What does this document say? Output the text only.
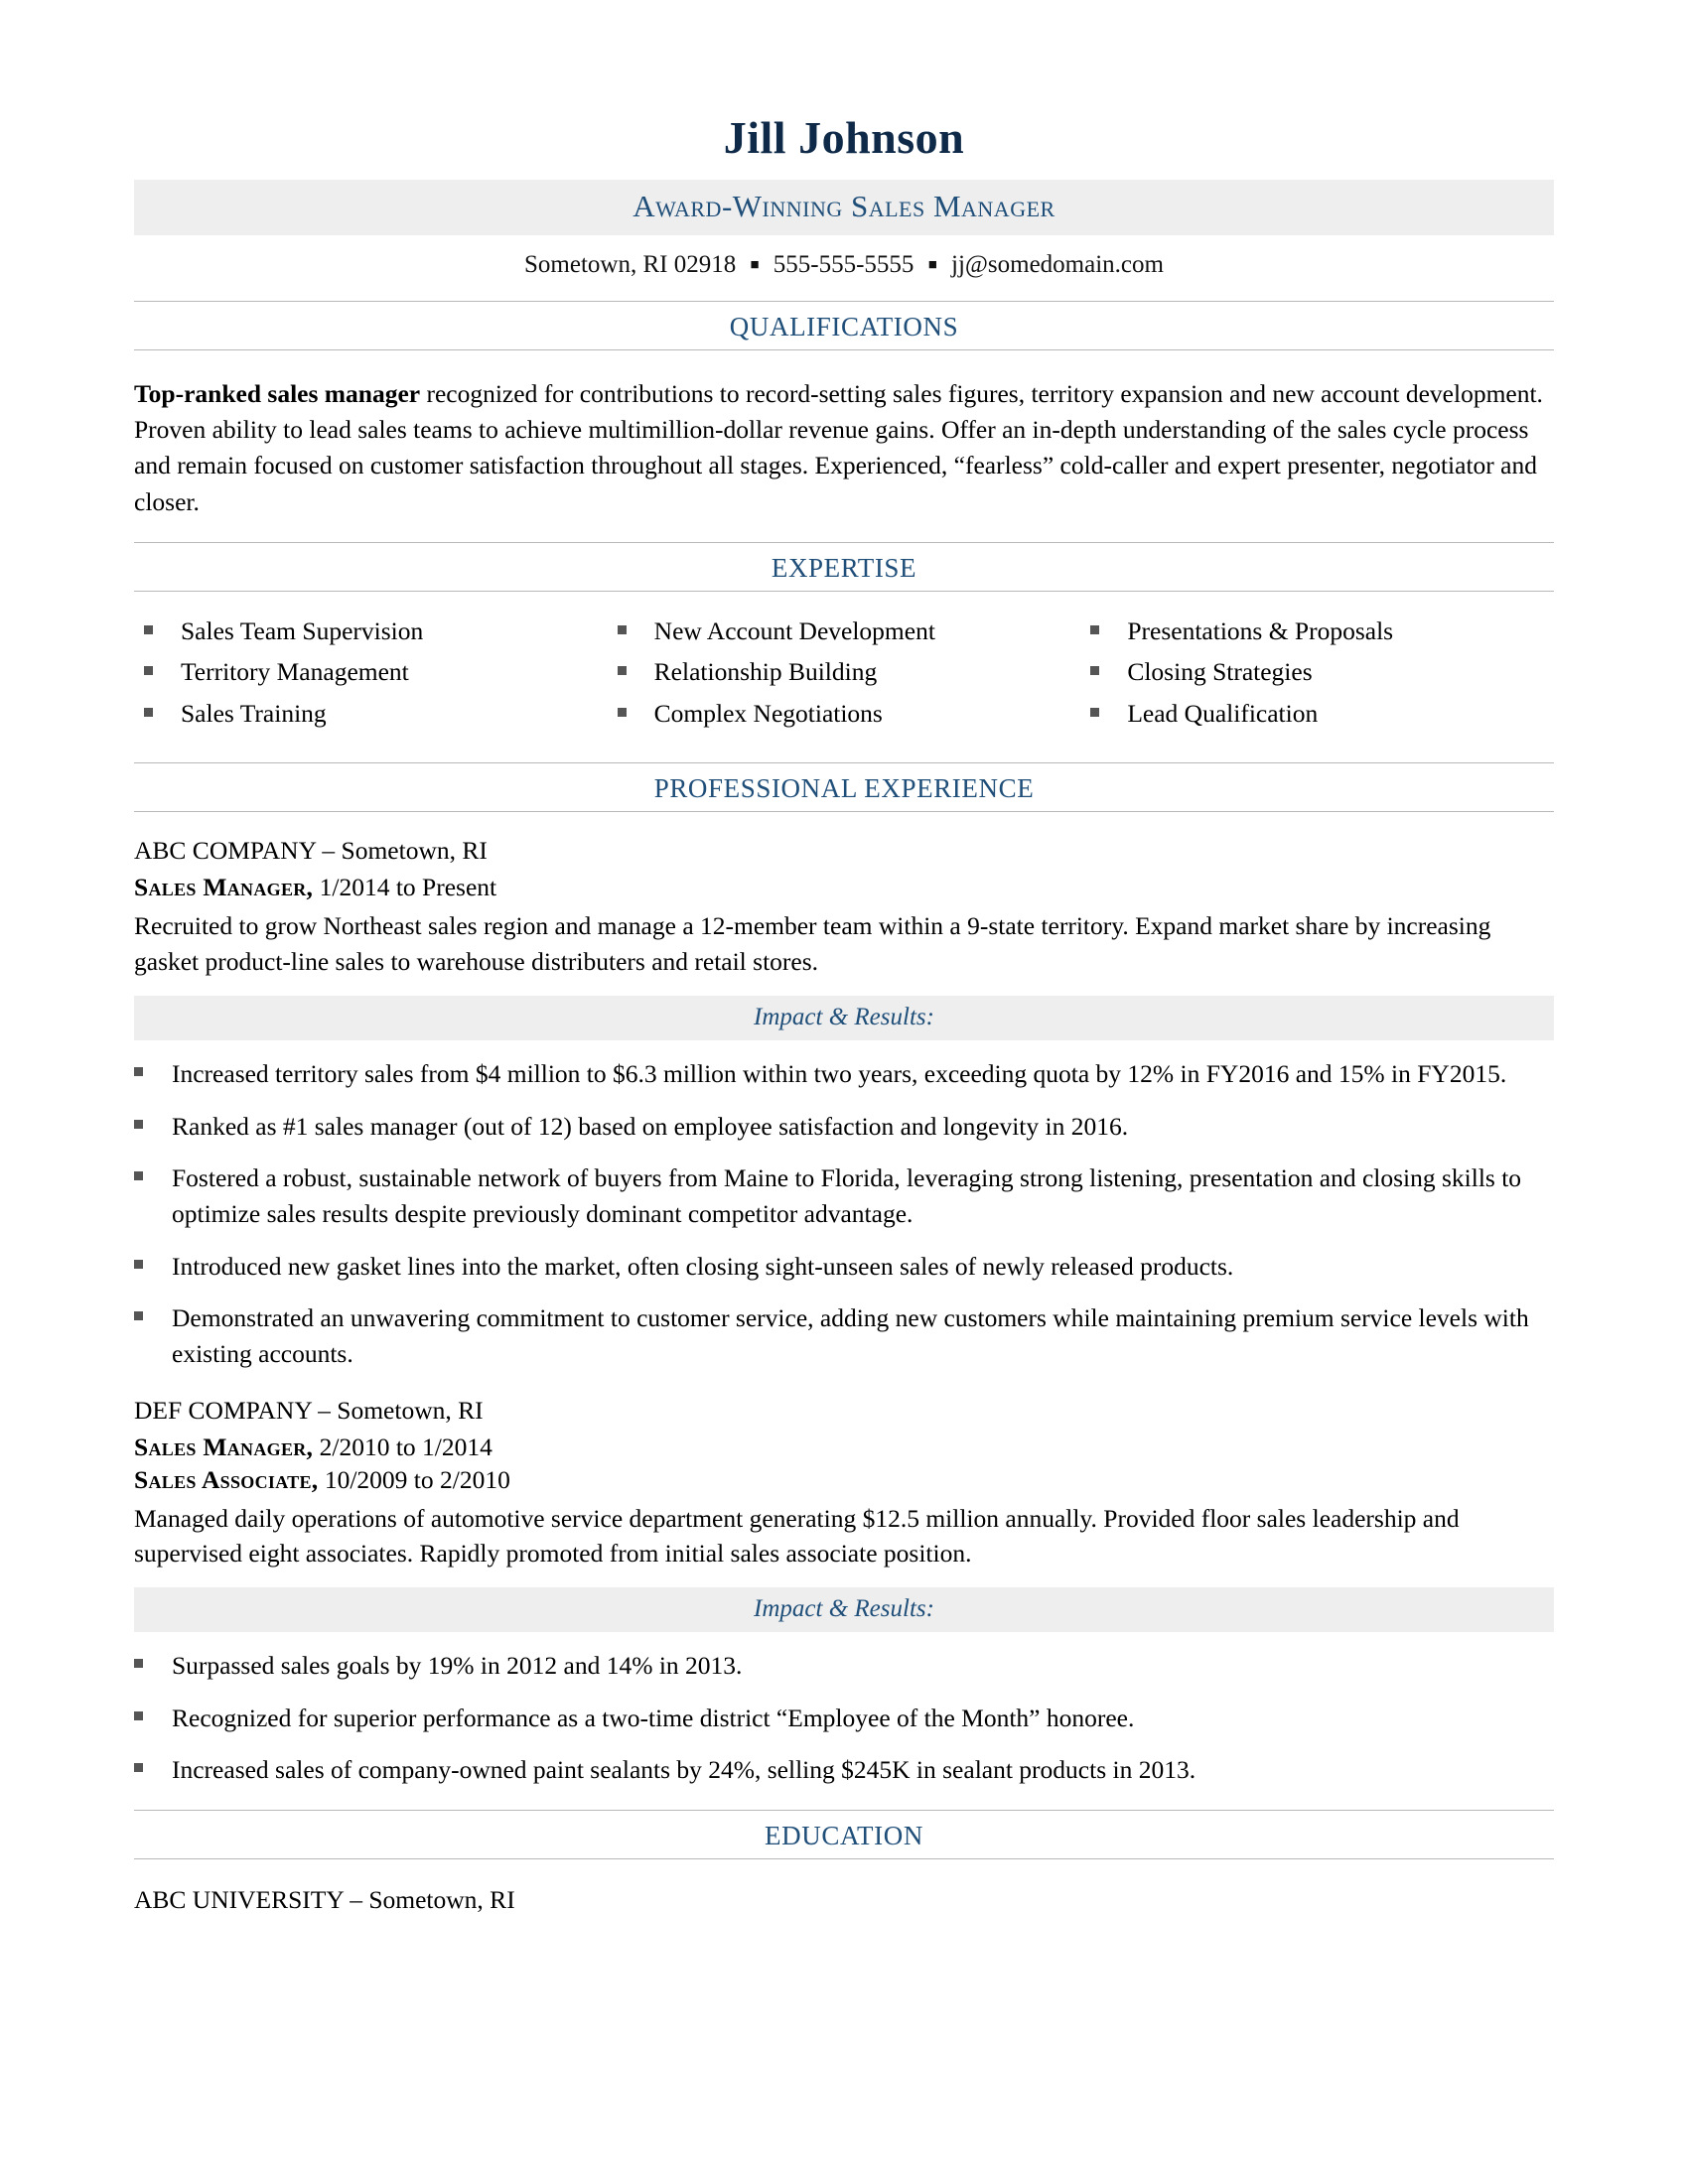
Jill Johnson
Award-Winning Sales Manager
Sometown, RI 02918 ■ 555-555-5555 ■ jj@somedomain.com
QUALIFICATIONS

Top-ranked sales manager recognized for contributions to record-setting sales figures, territory expansion and new account development. Proven ability to lead sales teams to achieve multimillion-dollar revenue gains. Offer an in-depth understanding of the sales cycle process and remain focused on customer satisfaction throughout all stages. Experienced, “fearless” cold-caller and expert presenter, negotiator and closer.

EXPERTISE
Sales Team Supervision
Territory Management
Sales Training
New Account Development
Relationship Building
Complex Negotiations
Presentations & Proposals
Closing Strategies
Lead Qualification
PROFESSIONAL EXPERIENCE
ABC COMPANY – Sometown, RI
Sales Manager, 1/2014 to Present
Recruited to grow Northeast sales region and manage a 12-member team within a 9-state territory. Expand market share by increasing gasket product-line sales to warehouse distributers and retail stores.
Impact & Results:
Increased territory sales from $4 million to $6.3 million within two years, exceeding quota by 12% in FY2016 and 15% in FY2015.
Ranked as #1 sales manager (out of 12) based on employee satisfaction and longevity in 2016.
Fostered a robust, sustainable network of buyers from Maine to Florida, leveraging strong listening, presentation and closing skills to optimize sales results despite previously dominant competitor advantage.
Introduced new gasket lines into the market, often closing sight-unseen sales of newly released products.
Demonstrated an unwavering commitment to customer service, adding new customers while maintaining premium service levels with existing accounts.
DEF COMPANY – Sometown, RI
Sales Manager, 2/2010 to 1/2014
Sales Associate, 10/2009 to 2/2010
Managed daily operations of automotive service department generating $12.5 million annually. Provided floor sales leadership and supervised eight associates. Rapidly promoted from initial sales associate position.
Impact & Results:
Surpassed sales goals by 19% in 2012 and 14% in 2013.
Recognized for superior performance as a two-time district “Employee of the Month” honoree.
Increased sales of company-owned paint sealants by 24%, selling $245K in sealant products in 2013.
EDUCATION
ABC UNIVERSITY – Sometown, RI
